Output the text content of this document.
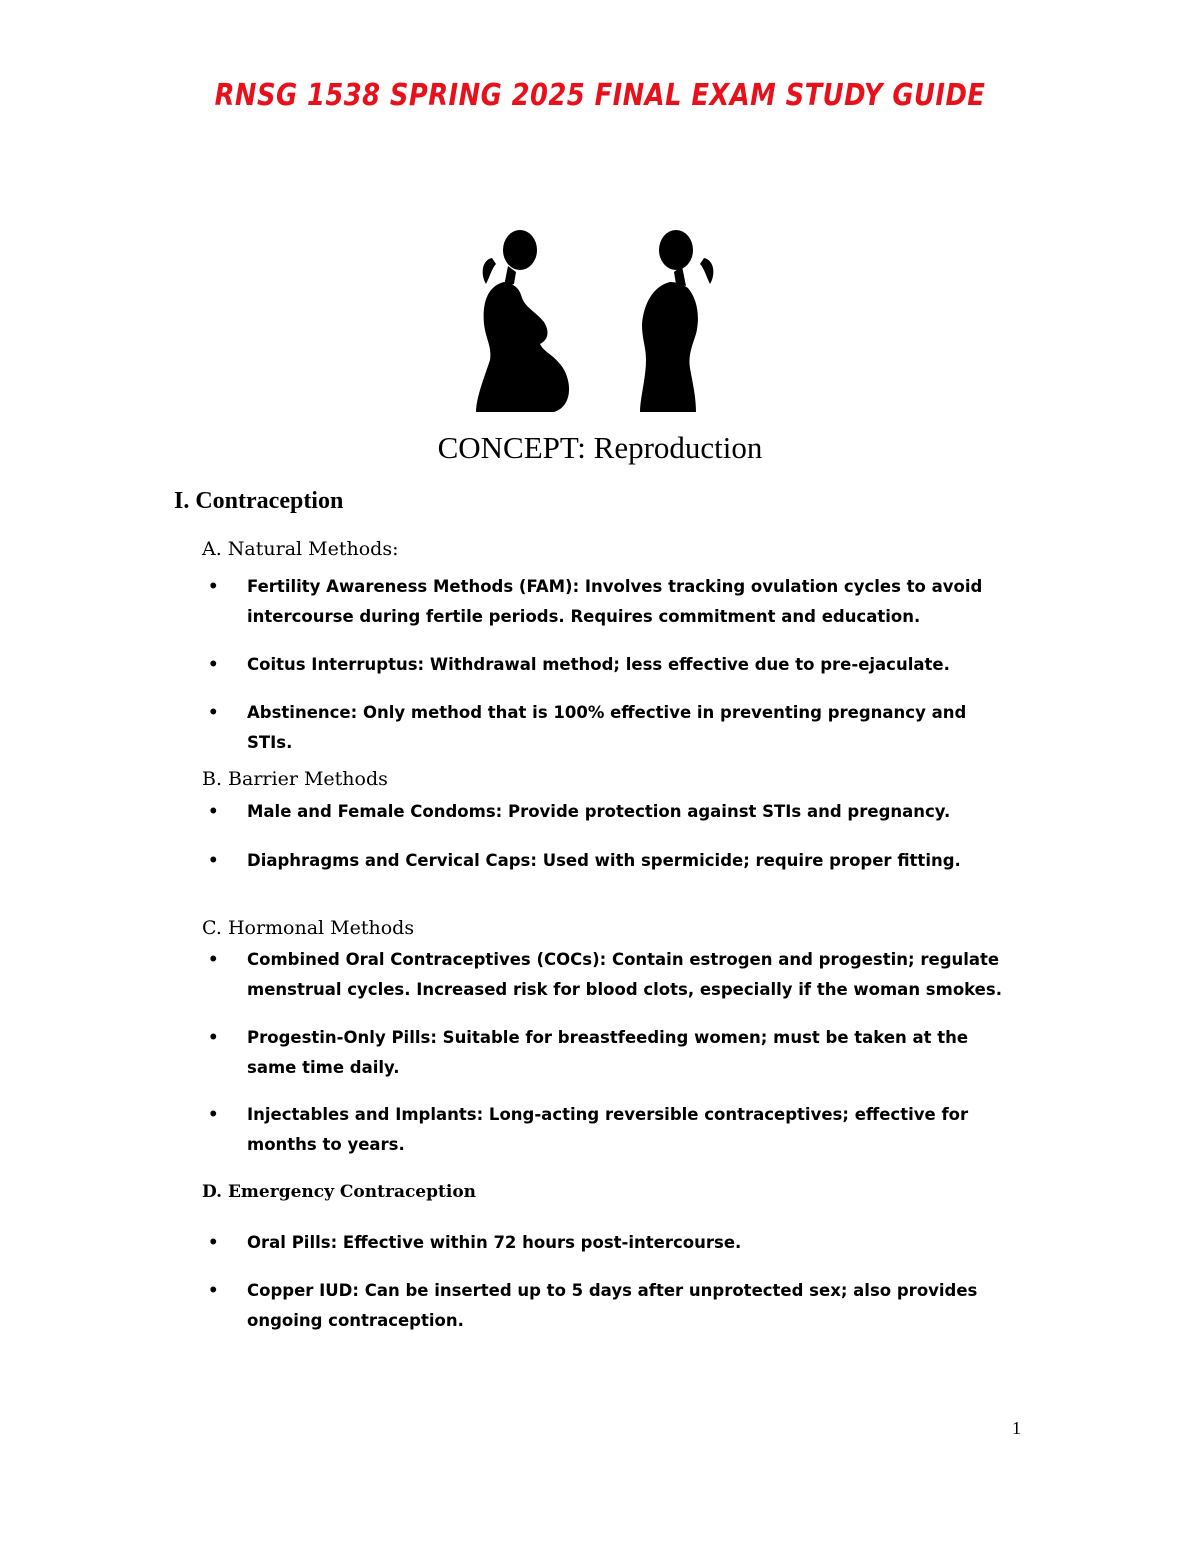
RNSG 1538 SPRING 2025 FINAL EXAM STUDY GUIDE
CONCEPT: Reproduction
I. Contraception
A. Natural Methods:
• Fertility Awareness Methods (FAM): Involves tracking ovulation cycles to avoid intercourse during fertile periods. Requires commitment and education.
• Coitus Interruptus: Withdrawal method; less effective due to pre-ejaculate.
• Abstinence: Only method that is 100% effective in preventing pregnancy and STIs.
B. Barrier Methods
• Male and Female Condoms: Provide protection against STIs and pregnancy.
• Diaphragms and Cervical Caps: Used with spermicide; require proper fitting.
C. Hormonal Methods
• Combined Oral Contraceptives (COCs): Contain estrogen and progestin; regulate menstrual cycles. Increased risk for blood clots, especially if the woman smokes.
• Progestin-Only Pills: Suitable for breastfeeding women; must be taken at the same time daily.
• Injectables and Implants: Long-acting reversible contraceptives; effective for months to years.
D. Emergency Contraception
• Oral Pills: Effective within 72 hours post-intercourse.
• Copper IUD: Can be inserted up to 5 days after unprotected sex; also provides ongoing contraception.
1
